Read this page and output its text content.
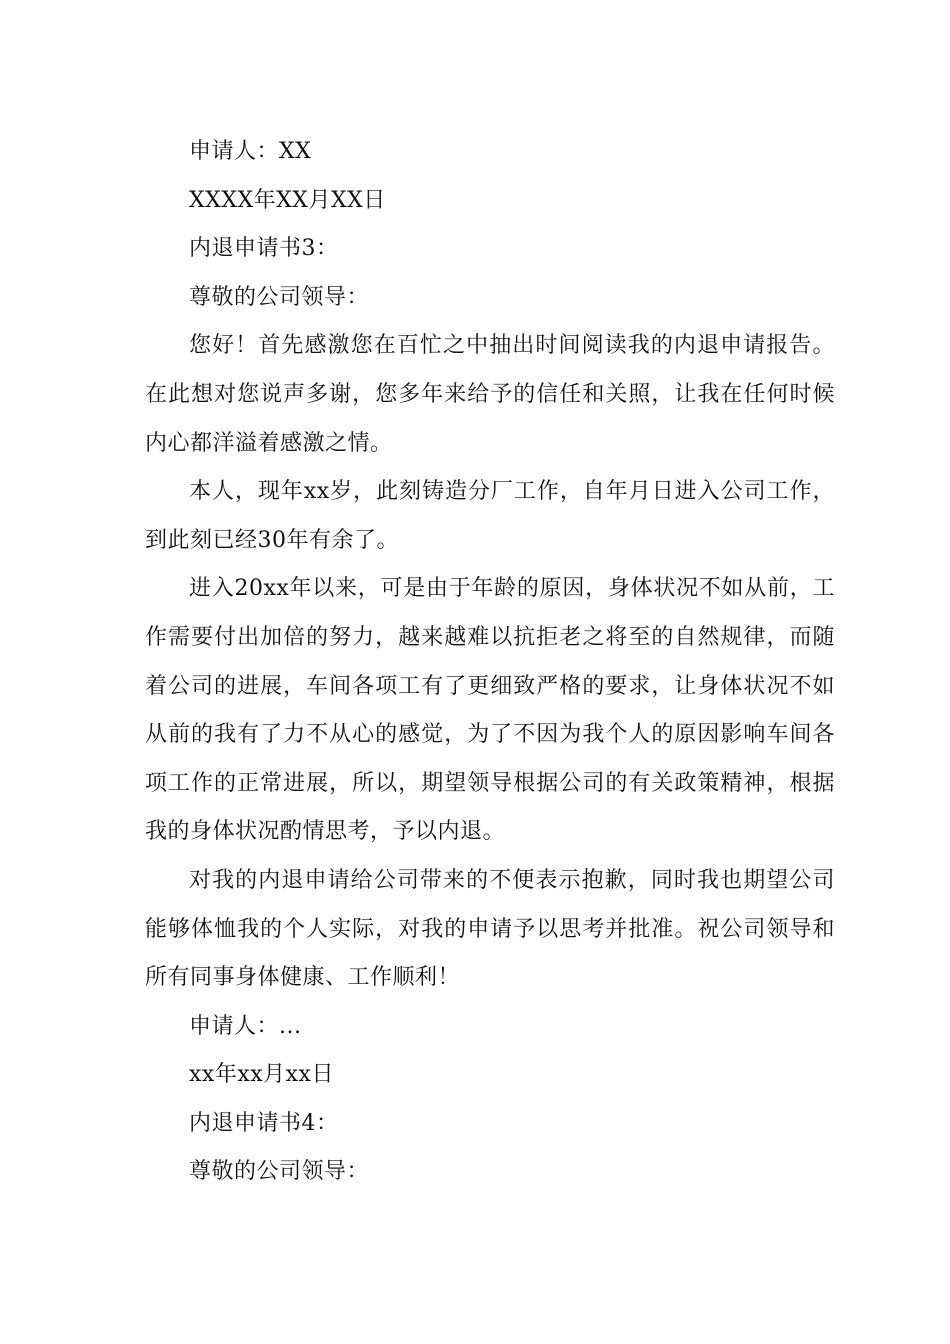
申请人：XX
XXXX年XX月XX日
内退申请书3：
尊敬的公司领导：

您好！首先感激您在百忙之中抽出时间阅读我的内退申请报告。在此想对您说声多谢，您多年来给予的信任和关照，让我在任何时候内心都洋溢着感激之情。

本人，现年xx岁，此刻铸造分厂工作，自年月日进入公司工作，到此刻已经30年有余了。

进入20xx年以来，可是由于年龄的原因，身体状况不如从前，工作需要付出加倍的努力，越来越难以抗拒老之将至的自然规律，而随着公司的进展，车间各项工有了更细致严格的要求，让身体状况不如从前的我有了力不从心的感觉，为了不因为我个人的原因影响车间各项工作的正常进展，所以，期望领导根据公司的有关政策精神，根据我的身体状况酌情思考，予以内退。

对我的内退申请给公司带来的不便表示抱歉，同时我也期望公司能够体恤我的个人实际，对我的申请予以思考并批准。祝公司领导和所有同事身体健康、工作顺利！

申请人：...
xx年xx月xx日
内退申请书4：
尊敬的公司领导：
